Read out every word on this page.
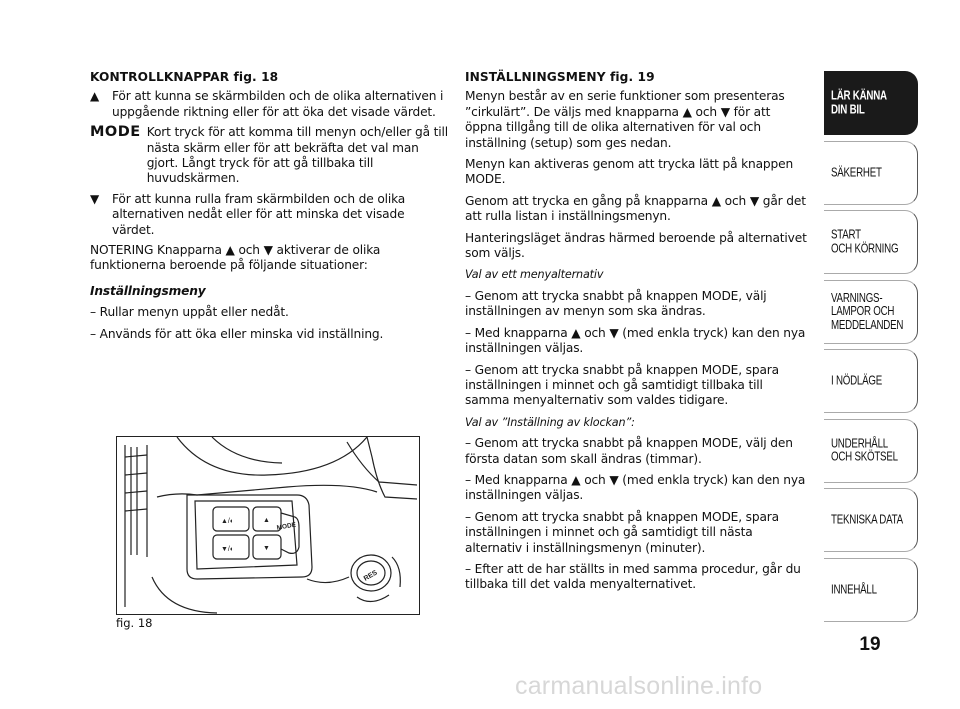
KONTROLLKNAPPAR fig. 18

▲	För att kunna se skärmbilden och de olika alternativen i uppgående riktning eller för att öka det visade värdet.
MODE Kort tryck för att komma till menyn och/eller gå till nästa skärm eller för att bekräfta det val man gjort. Långt tryck för att gå tillbaka till huvudskärmen.
▼	För att kunna rulla fram skärmbilden och de olika alternativen nedåt eller för att minska det visade värdet.

NOTERING Knapparna ▲ och ▼ aktiverar de olika funktionerna beroende på följande situationer:

Inställningsmeny

– Rullar menyn uppåt eller nedåt.

– Används för att öka eller minska vid inställning.

▲/◐
▼/◐
▲
▼
MODE
RES
fig. 18

INSTÄLLNINGSMENY fig. 19

Menyn består av en serie funktioner som presenteras ”cirkulärt”. De väljs med knapparna ▲ och ▼ för att öppna tillgång till de olika alternativen för val och inställning (setup) som ges nedan.

Menyn kan aktiveras genom att trycka lätt på knappen MODE.

Genom att trycka en gång på knapparna ▲ och ▼ går det att rulla listan i inställningsmenyn.

Hanteringsläget ändras härmed beroende på alternativet som väljs.

Val av ett menyalternativ

– Genom att trycka snabbt på knappen MODE, välj inställningen av menyn som ska ändras.

– Med knapparna ▲ och ▼ (med enkla tryck) kan den nya inställningen väljas.

– Genom att trycka snabbt på knappen MODE, spara inställningen i minnet och gå samtidigt tillbaka till samma menyalternativ som valdes tidigare.

Val av ”Inställning av klockan”:

– Genom att trycka snabbt på knappen MODE, välj den första datan som skall ändras (timmar).

– Med knapparna ▲ och ▼ (med enkla tryck) kan den nya inställningen väljas.

– Genom att trycka snabbt på knappen MODE, spara inställningen i minnet och gå samtidigt till nästa alternativ i inställningsmenyn (minuter).

– Efter att de har ställts in med samma procedur, går du tillbaka till det valda menyalternativet.

LÄR KÄNNA
DIN BIL
SÄKERHET
START
OCH KÖRNING
VARNINGS-
LAMPOR OCH
MEDDELANDEN
I NÖDLÄGE
UNDERHÅLL
OCH SKÖTSEL
TEKNISKA DATA
INNEHÅLL
19
carmanualsonline.info
